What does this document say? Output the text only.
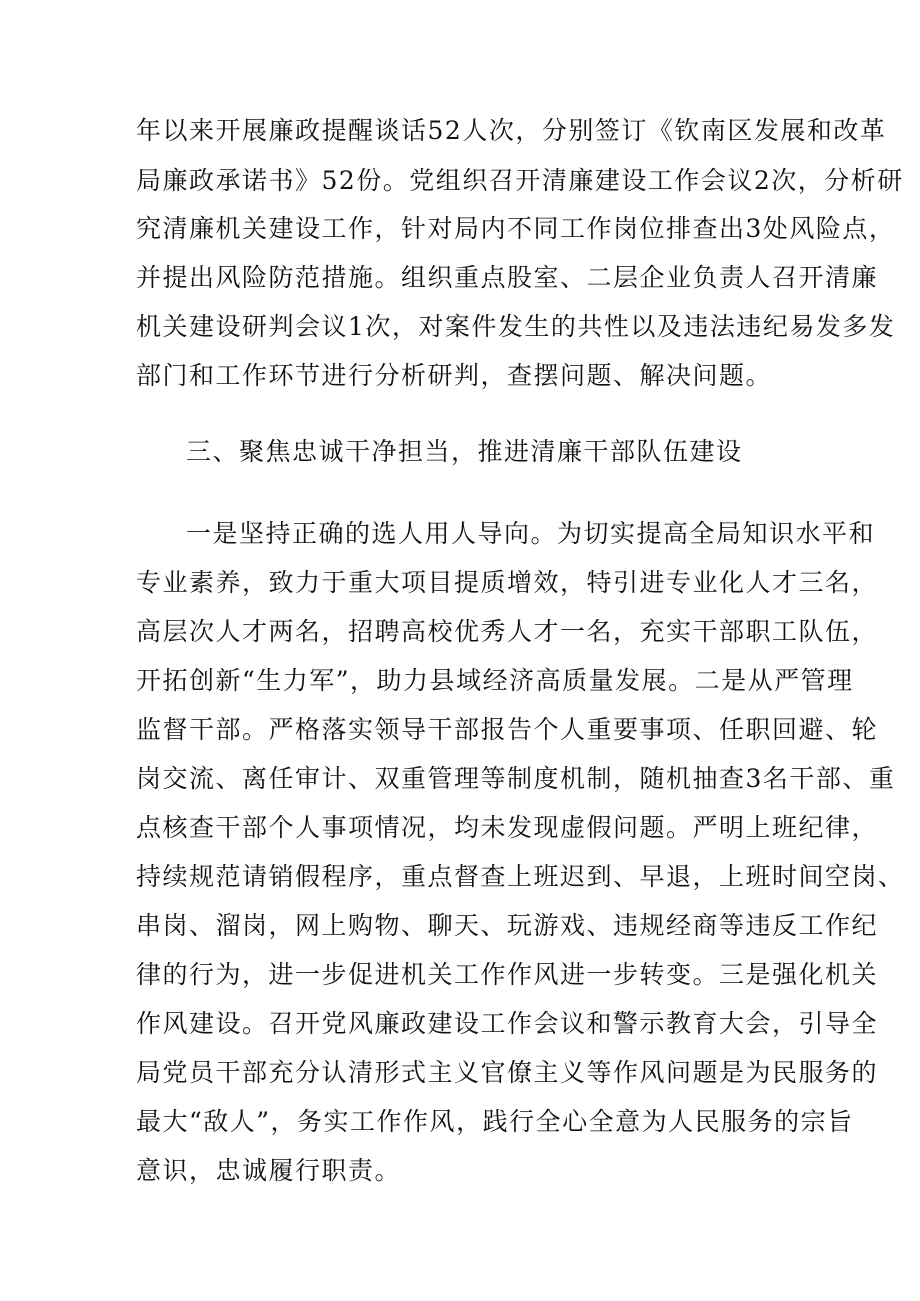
年以来开展廉政提醒谈话52人次，分别签订《钦南区发展和改革
局廉政承诺书》52份。党组织召开清廉建设工作会议2次，分析研
究清廉机关建设工作，针对局内不同工作岗位排查出3处风险点，
并提出风险防范措施。组织重点股室、二层企业负责人召开清廉
机关建设研判会议1次，对案件发生的共性以及违法违纪易发多发
部门和工作环节进行分析研判，查摆问题、解决问题。
三、聚焦忠诚干净担当，推进清廉干部队伍建设
一是坚持正确的选人用人导向。为切实提高全局知识水平和
专业素养，致力于重大项目提质增效，特引进专业化人才三名，
高层次人才两名，招聘高校优秀人才一名，充实干部职工队伍，
开拓创新“生力军”，助力县域经济高质量发展。二是从严管理
监督干部。严格落实领导干部报告个人重要事项、任职回避、轮
岗交流、离任审计、双重管理等制度机制，随机抽查3名干部、重
点核查干部个人事项情况，均未发现虚假问题。严明上班纪律，
持续规范请销假程序，重点督查上班迟到、早退，上班时间空岗、
串岗、溜岗，网上购物、聊天、玩游戏、违规经商等违反工作纪
律的行为，进一步促进机关工作作风进一步转变。三是强化机关
作风建设。召开党风廉政建设工作会议和警示教育大会，引导全
局党员干部充分认清形式主义官僚主义等作风问题是为民服务的
最大“敌人”，务实工作作风，践行全心全意为人民服务的宗旨
意识，忠诚履行职责。
